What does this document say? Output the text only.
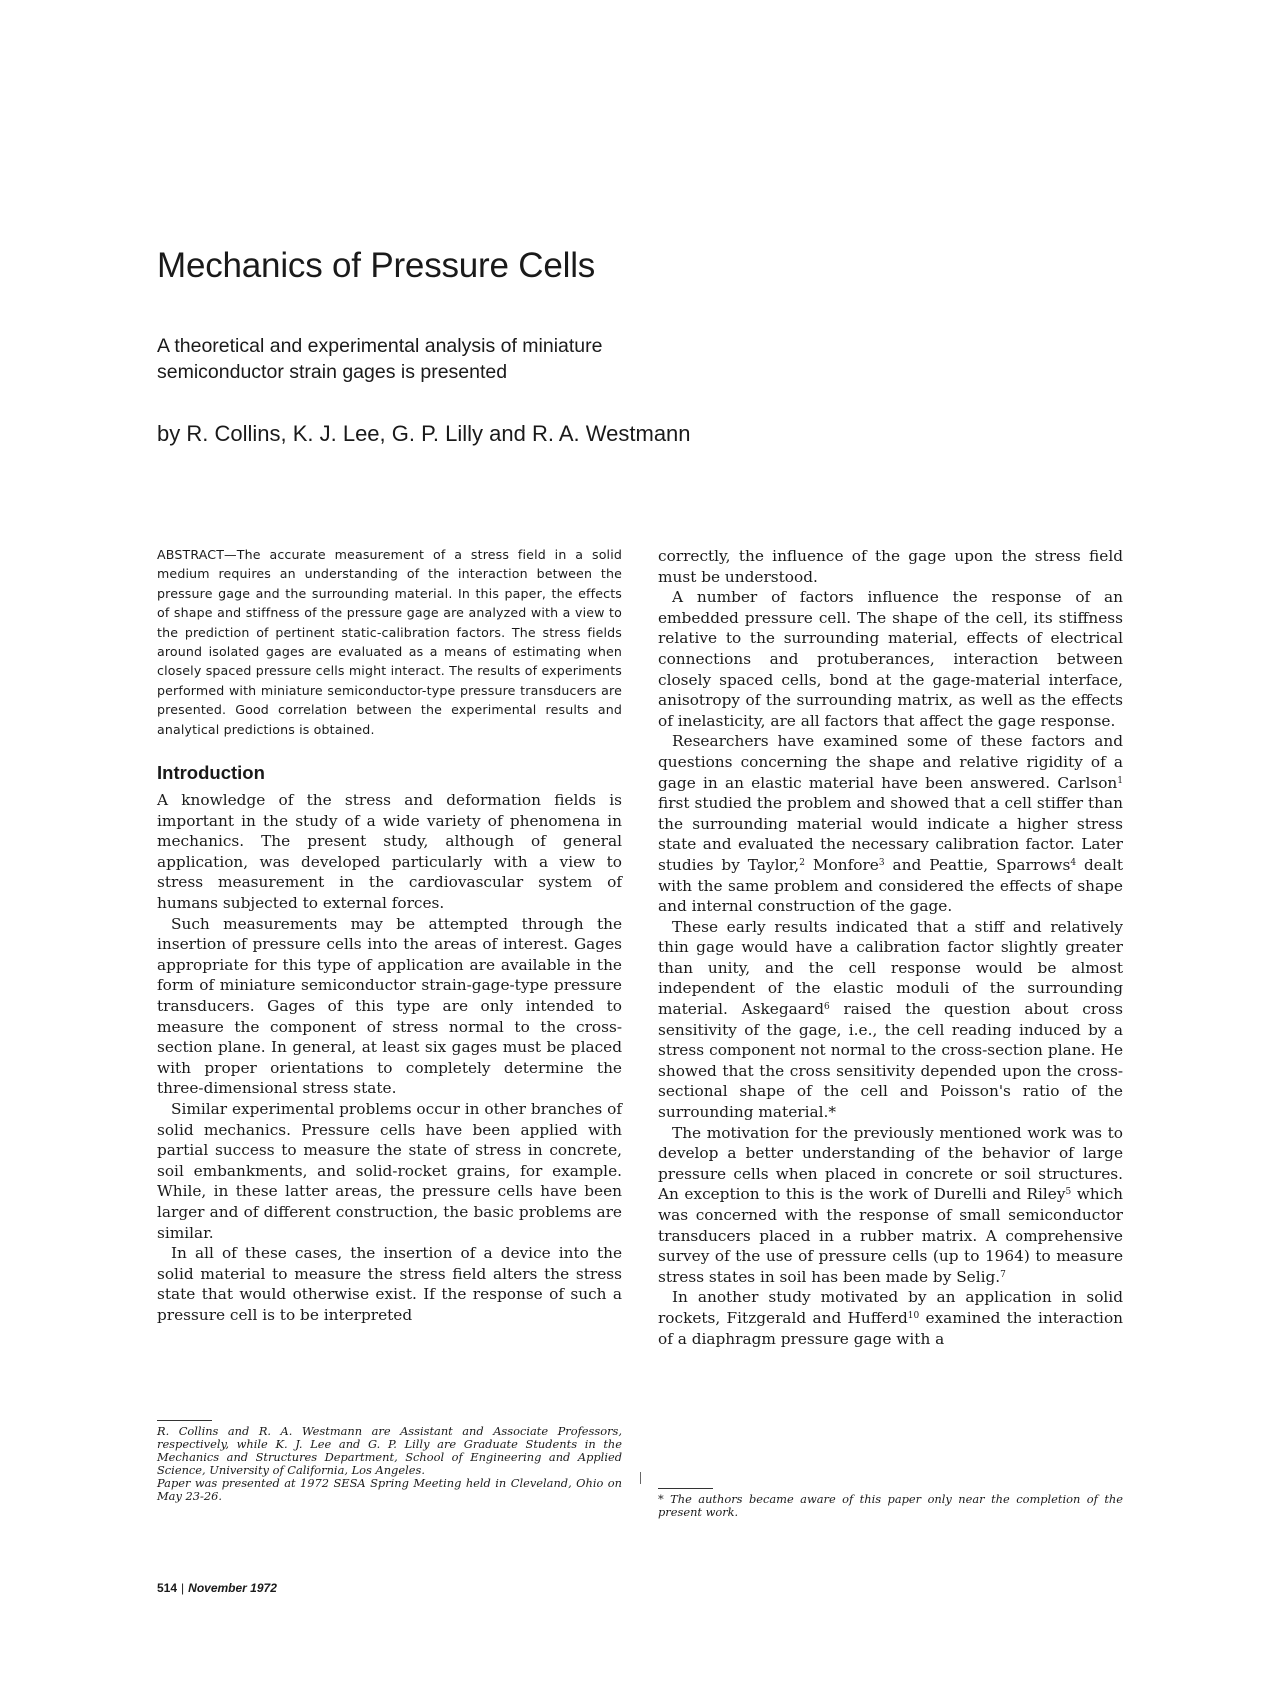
Mechanics of Pressure Cells
A theoretical and experimental analysis of miniature
semiconductor strain gages is presented
by R. Collins, K. J. Lee, G. P. Lilly and R. A. Westmann

ABSTRACT—The accurate measurement of a stress field in a solid medium requires an understanding of the interaction between the pressure gage and the surrounding material. In this paper, the effects of shape and stiffness of the pressure gage are analyzed with a view to the prediction of pertinent static-calibration factors. The stress fields around isolated gages are evaluated as a means of estimating when closely spaced pressure cells might interact. The results of experiments performed with miniature semiconductor-type pressure transducers are presented. Good correlation between the experimental results and analytical predictions is obtained.

Introduction

A knowledge of the stress and deformation fields is important in the study of a wide variety of phenomena in mechanics. The present study, although of general application, was developed particularly with a view to stress measurement in the cardiovascular system of humans subjected to external forces.

Such measurements may be attempted through the insertion of pressure cells into the areas of interest. Gages appropriate for this type of application are available in the form of miniature semiconductor strain-gage-type pressure transducers. Gages of this type are only intended to measure the component of stress normal to the cross-section plane. In general, at least six gages must be placed with proper orientations to completely determine the three-dimensional stress state.

Similar experimental problems occur in other branches of solid mechanics. Pressure cells have been applied with partial success to measure the state of stress in concrete, soil embankments, and solid-rocket grains, for example. While, in these latter areas, the pressure cells have been larger and of different construction, the basic problems are similar.

In all of these cases, the insertion of a device into the solid material to measure the stress field alters the stress state that would otherwise exist. If the response of such a pressure cell is to be interpreted

correctly, the influence of the gage upon the stress field must be understood.

A number of factors influence the response of an embedded pressure cell. The shape of the cell, its stiffness relative to the surrounding material, effects of electrical connections and protuberances, interaction between closely spaced cells, bond at the gage-material interface, anisotropy of the surrounding matrix, as well as the effects of inelasticity, are all factors that affect the gage response.

Researchers have examined some of these factors and questions concerning the shape and relative rigidity of a gage in an elastic material have been answered. Carlson$^1$ first studied the problem and showed that a cell stiffer than the surrounding material would indicate a higher stress state and evaluated the necessary calibration factor. Later studies by Taylor,$^2$ Monfore$^3$ and Peattie, Sparrows$^4$ dealt with the same problem and considered the effects of shape and internal construction of the gage.

These early results indicated that a stiff and relatively thin gage would have a calibration factor slightly greater than unity, and the cell response would be almost independent of the elastic moduli of the surrounding material. Askegaard$^6$ raised the question about cross sensitivity of the gage, i.e., the cell reading induced by a stress component not normal to the cross-section plane. He showed that the cross sensitivity depended upon the cross-sectional shape of the cell and Poisson's ratio of the surrounding material.*

The motivation for the previously mentioned work was to develop a better understanding of the behavior of large pressure cells when placed in concrete or soil structures. An exception to this is the work of Durelli and Riley$^5$ which was concerned with the response of small semiconductor transducers placed in a rubber matrix. A comprehensive survey of the use of pressure cells (up to 1964) to measure stress states in soil has been made by Selig.$^7$

In another study motivated by an application in solid rockets, Fitzgerald and Hufferd$^{10}$ examined the interaction of a diaphragm pressure gage with a

R. Collins and R. A. Westmann are Assistant and Associate Professors, respectively, while K. J. Lee and G. P. Lilly are Graduate Students in the Mechanics and Structures Department, School of Engineering and Applied Science, University of California, Los Angeles.

Paper was presented at 1972 SESA Spring Meeting held in Cleveland, Ohio on May 23-26.	* The authors became aware of this paper only near the completion of the present work.

514 | November 1972
